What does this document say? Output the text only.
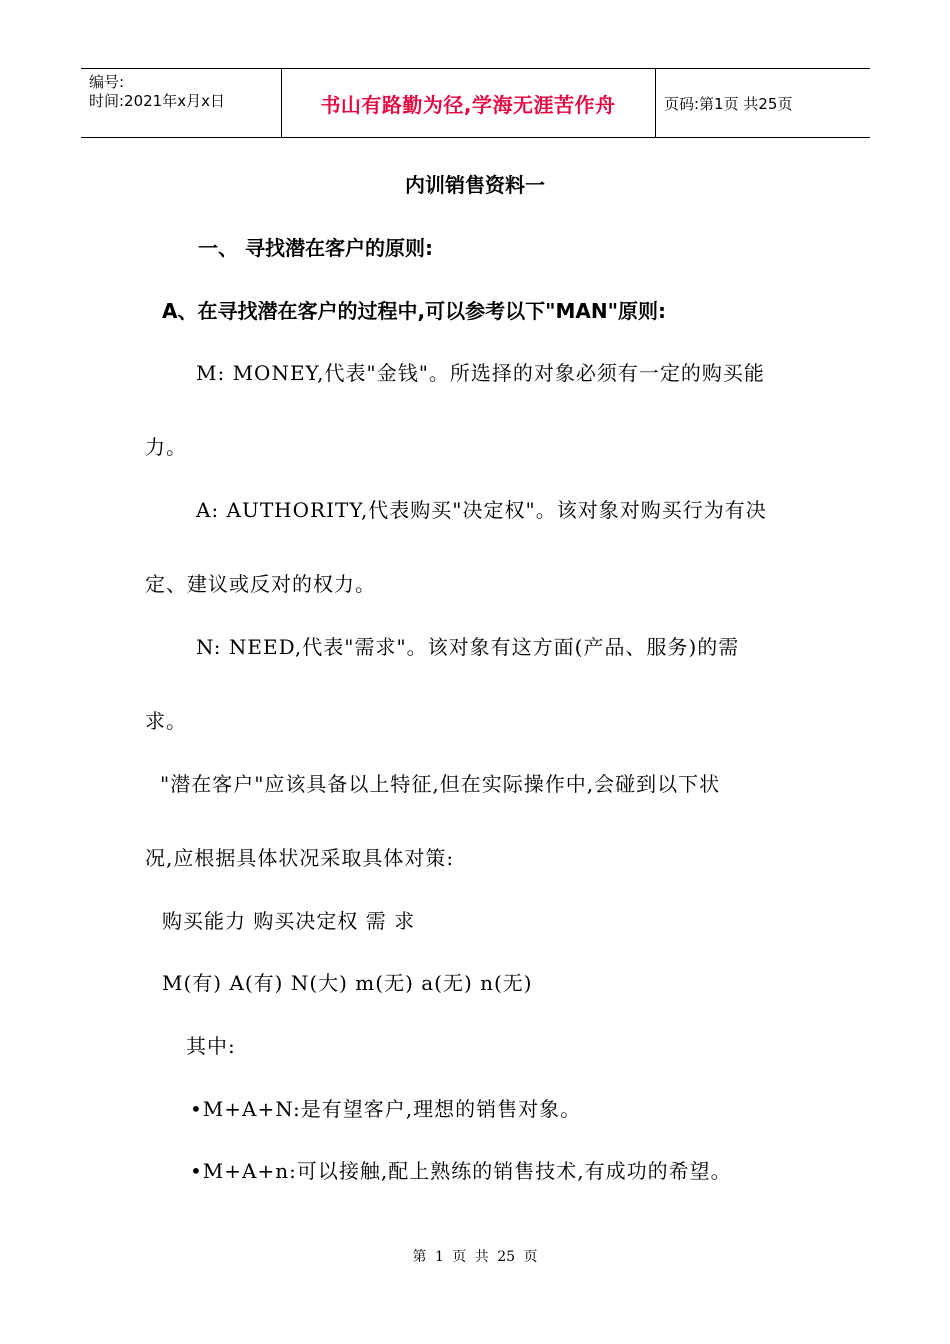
编号:
时间:2021年x月x日	书山有路勤为径,学海无涯苦作舟	页码:第1页 共25页
内训销售资料一
一、 寻找潜在客户的原则:
A、在寻找潜在客户的过程中,可以参考以下"MAN"原则:
M: MONEY,代表"金钱"。所选择的对象必须有一定的购买能
力。
A: AUTHORITY,代表购买"决定权"。该对象对购买行为有决
定、建议或反对的权力。
N: NEED,代表"需求"。该对象有这方面(产品、服务)的需
求。
"潜在客户"应该具备以上特征,但在实际操作中,会碰到以下状
况,应根据具体状况采取具体对策:
购买能力 购买决定权 需 求
M(有) A(有) N(大) m(无) a(无) n(无)
其中:
•M+A+N:是有望客户,理想的销售对象。
•M+A+n:可以接触,配上熟练的销售技术,有成功的希望。
第 1 页 共 25 页
